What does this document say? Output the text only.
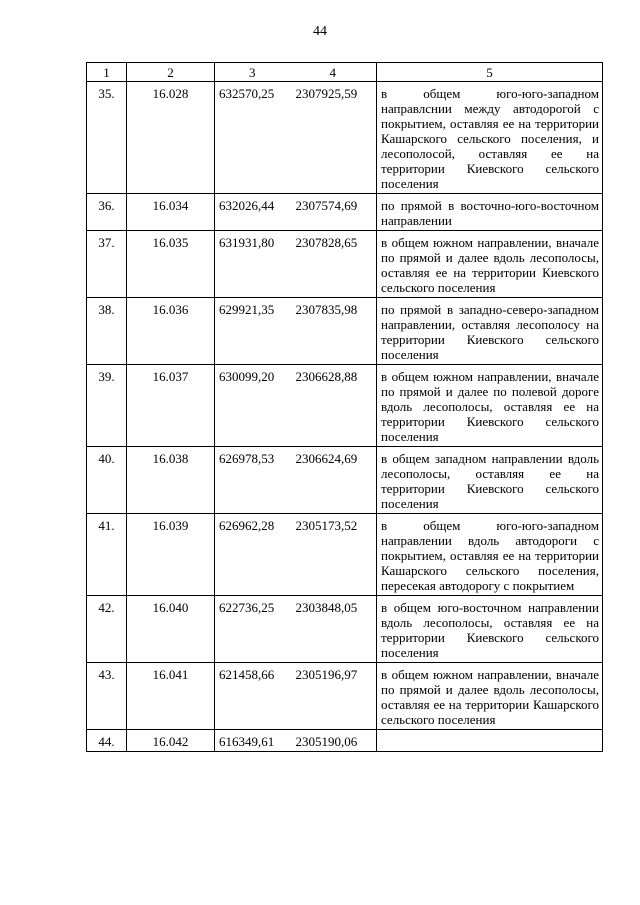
44
1	2	3	4	5
35.	16.028	632570,25	2307925,59	в общем юго-юго-западном направлснии между автодорогой с покрытием, оставляя ее на территории Кашарского сельского поселения, и лесополосой, оставляя ее на территории Киевского сельского поселения
36.	16.034	632026,44	2307574,69	по прямой в восточно-юго-восточном направлении
37.	16.035	631931,80	2307828,65	в общем южном направлении, вначале по прямой и далее вдоль лесополосы, оставляя ее на территории Киевского сельского поселения
38.	16.036	629921,35	2307835,98	по прямой в западно-северо-западном направлении, оставляя лесополосу на территории Киевского сельского поселения
39.	16.037	630099,20	2306628,88	в общем южном направлении, вначале по прямой и далее по полевой дороге вдоль лесополосы, оставляя ее на территории Киевского сельского поселения
40.	16.038	626978,53	2306624,69	в общем западном направлении вдоль лесополосы, оставляя ее на территории Киевского сельского поселения
41.	16.039	626962,28	2305173,52	в общем юго-юго-западном направлении вдоль автодороги с покрытием, оставляя ее на территории Кашарского сельского поселения, пересекая автодорогу с покрытием
42.	16.040	622736,25	2303848,05	в общем юго-восточном направлении вдоль лесополосы, оставляя ее на территории Киевского сельского поселения
43.	16.041	621458,66	2305196,97	в общем южном направлении, вначале по прямой и далее вдоль лесополосы, оставляя ее на территории Кашарского сельского поселения
44.	16.042	616349,61	2305190,06	
